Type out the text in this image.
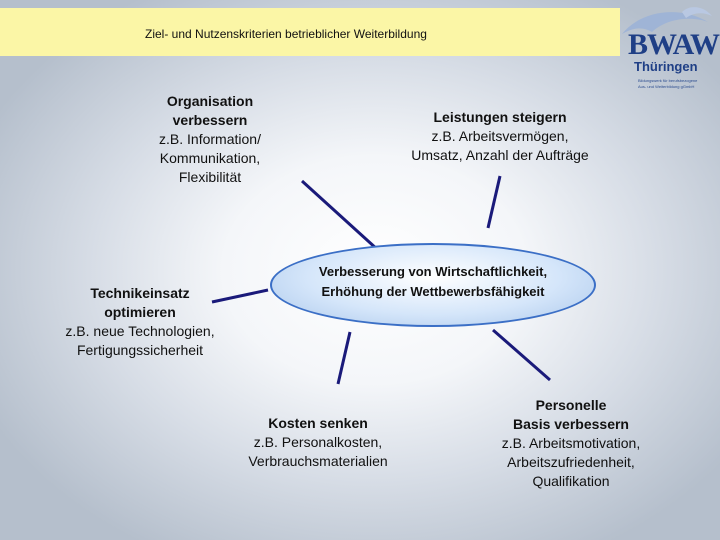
Ziel- und Nutzenskriterien betrieblicher Weiterbildung	BWAW
Thüringen
Bildungswerk für berufsbezogene
Aus- und Weiterbildung gGmbH
Verbesserung von Wirtschaftlichkeit,
Erhöhung der Wettbewerbsfähigkeit
Organisation
verbessern
z.B. Information/
Kommunikation,
Flexibilität
Leistungen steigern
z.B. Arbeitsvermögen,
Umsatz, Anzahl der Aufträge
Technikeinsatz
optimieren
z.B. neue Technologien,
Fertigungssicherheit
Kosten senken
z.B. Personalkosten,
Verbrauchsmaterialien
Personelle
Basis verbessern
z.B. Arbeitsmotivation,
Arbeitszufriedenheit,
Qualifikation
